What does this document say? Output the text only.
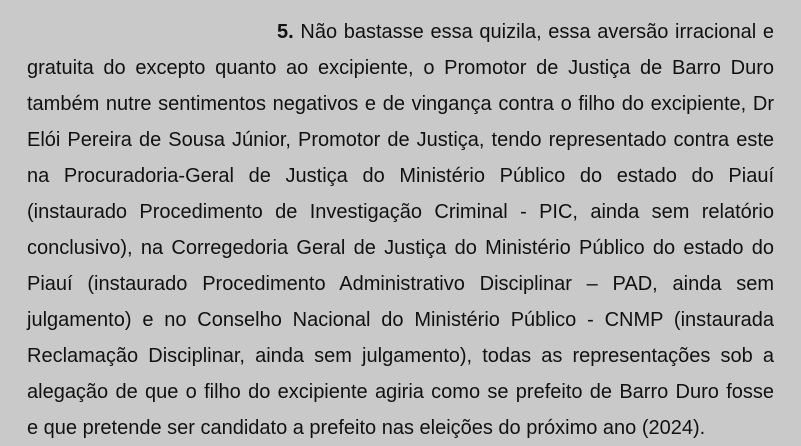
5. Não bastasse essa quizila, essa aversão irracional e
gratuita do excepto quanto ao excipiente, o Promotor de Justiça de Barro Duro
também nutre sentimentos negativos e de vingança contra o filho do excipiente, Dr
Elói Pereira de Sousa Júnior, Promotor de Justiça, tendo representado contra este
na Procuradoria-Geral de Justiça do Ministério Público do estado do Piauí
(instaurado Procedimento de Investigação Criminal - PIC, ainda sem relatório
conclusivo), na Corregedoria Geral de Justiça do Ministério Público do estado do
Piauí (instaurado Procedimento Administrativo Disciplinar – PAD, ainda sem
julgamento) e no Conselho Nacional do Ministério Público - CNMP (instaurada
Reclamação Disciplinar, ainda sem julgamento), todas as representações sob a
alegação de que o filho do excipiente agiria como se prefeito de Barro Duro fosse
e que pretende ser candidato a prefeito nas eleições do próximo ano (2024).
